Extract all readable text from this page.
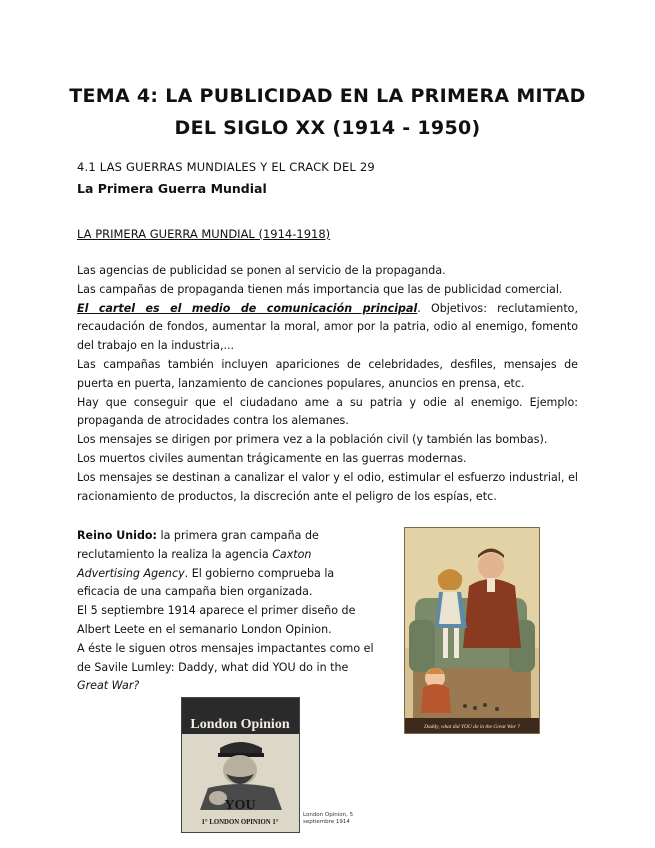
TEMA 4: LA PUBLICIDAD EN LA PRIMERA MITAD
DEL SIGLO XX (1914 - 1950)
4.1 LAS GUERRAS MUNDIALES Y EL CRACK DEL 29
La Primera Guerra Mundial
LA PRIMERA GUERRA MUNDIAL (1914-1918)

Las agencias de publicidad se ponen al servicio de la propaganda.

Las campañas de propaganda tienen más importancia que las de publicidad comercial.

El cartel es el medio de comunicación principal. Objetivos: reclutamiento, recaudación de fondos, aumentar la moral, amor por la patria, odio al enemigo, fomento del trabajo en la industria,...

Las campañas también incluyen apariciones de celebridades, desfiles, mensajes de puerta en puerta, lanzamiento de canciones populares, anuncios en prensa, etc.

Hay que conseguir que el ciudadano ame a su patria y odie al enemigo. Ejemplo: propaganda de atrocidades contra los alemanes.

Los mensajes se dirigen por primera vez a la población civil (y también las bombas).

Los muertos civiles aumentan trágicamente en las guerras modernas.

Los mensajes se destinan a canalizar el valor y el odio, estimular el esfuerzo industrial, el racionamiento de productos, la discreción ante el peligro de los espías, etc.

Reino Unido: la primera gran campaña de

reclutamiento la realiza la agencia Caxton

Advertising Agency. El gobierno comprueba la

eficacia de una campaña bien organizada.

El 5 septiembre 1914 aparece el primer diseño de

Albert Leete en el semanario London Opinion.

A éste le siguen otros mensajes impactantes como el

de Savile Lumley: Daddy, what did YOU do in the

Great War?

Daddy, what did YOU do in the Great War ?
London Opinion
YOU
1° LONDON OPINION 1°
London Opinion, 5
septiembre 1914
